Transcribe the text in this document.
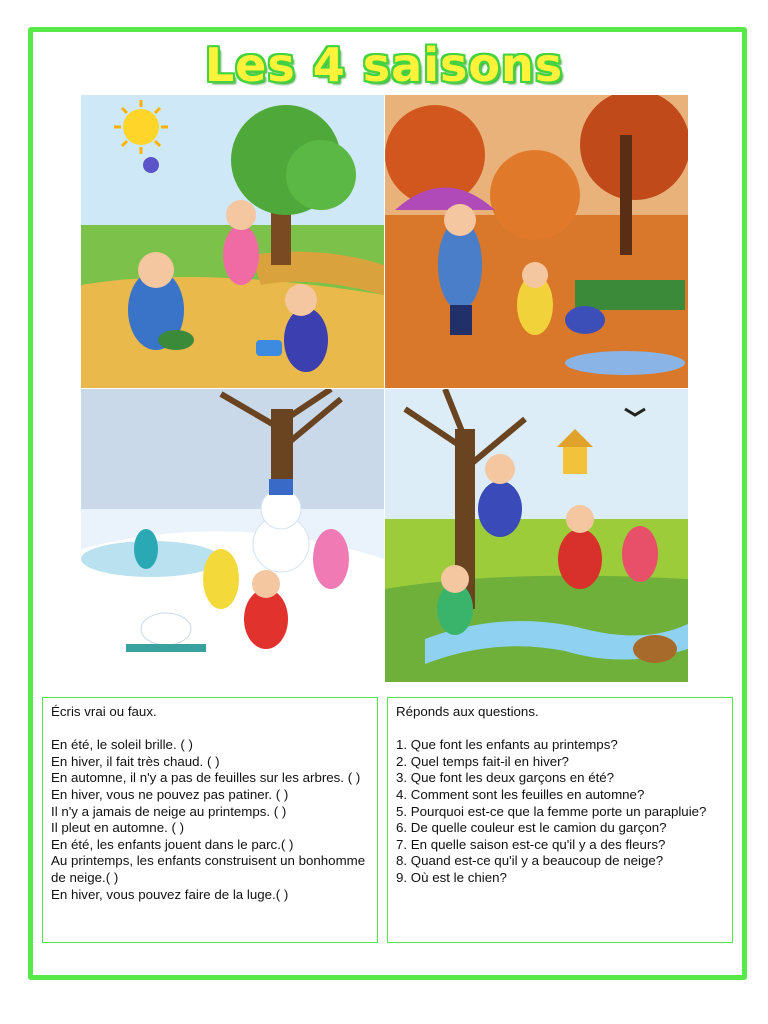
Les 4 saisons
Écris vrai ou faux.
En été, le soleil brille. ( )
En hiver, il fait très chaud. ( )
En automne, il n'y a pas de feuilles sur les arbres. ( )
En hiver, vous ne pouvez pas patiner. ( )
Il n'y a jamais de neige au printemps. ( )
Il pleut en automne. ( )
En été, les enfants jouent dans le parc.( )
Au printemps, les enfants construisent un bonhomme de neige.( )
En hiver, vous pouvez faire de la luge.( )
Réponds aux questions.
1. Que font les enfants au printemps?
2. Quel temps fait-il en hiver?
3. Que font les deux garçons en été?
4. Comment sont les feuilles en automne?
5. Pourquoi est-ce que la femme porte un parapluie?
6. De quelle couleur est le camion du garçon?
7. En quelle saison est-ce qu'il y a des fleurs?
8. Quand est-ce qu'il y a beaucoup de neige?
9. Où est le chien?
